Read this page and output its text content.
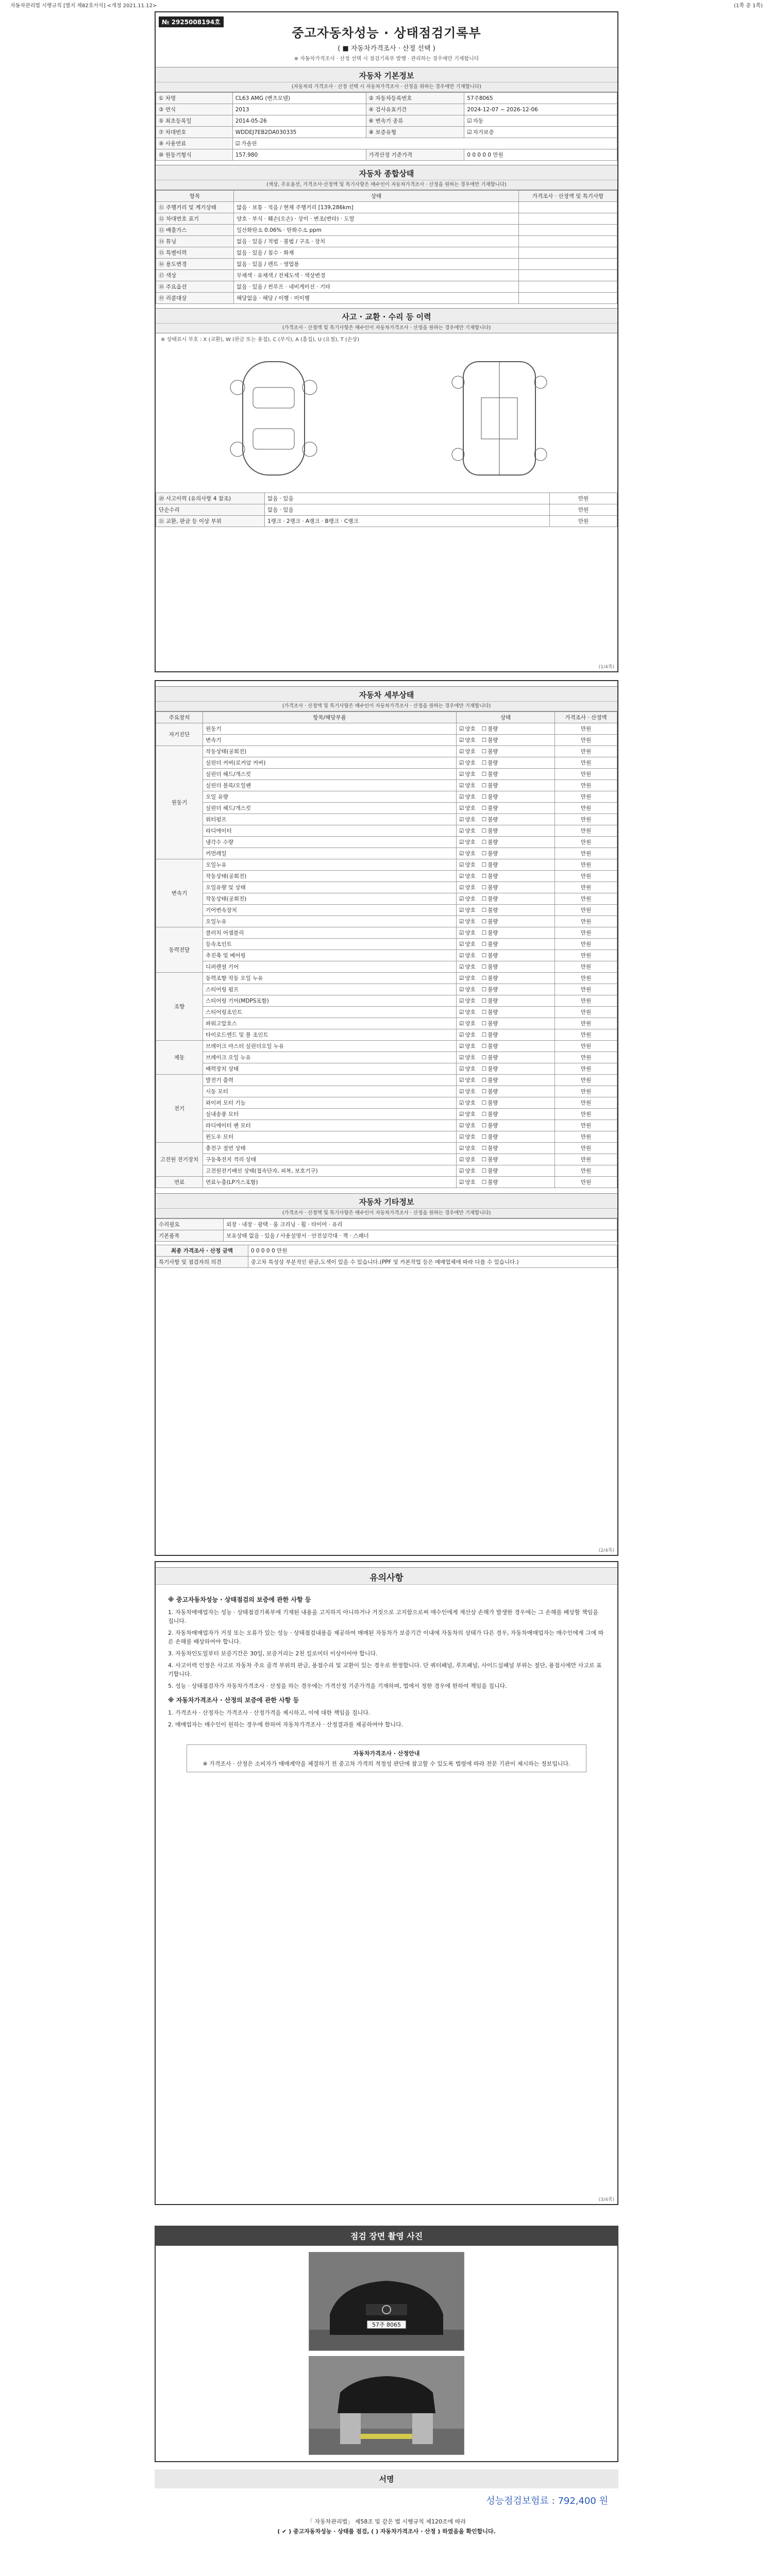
자동차관리법 시행규칙 [별지 제82호서식] <개정 2021.11.12>	(1쪽 중 1쪽)
№ 2925008194호
중고자동차성능 · 상태점검기록부
( ■ 자동차가격조사 · 산정 선택 )
※ 자동차가격조사 · 산정 선택 시 점검기록부 발행 · 관리하는 경우에만 기재합니다
자동차 기본정보
(자동차의 가격조사 · 산정 선택 시 자동차가격조사 · 산정을 위하는 경우에만 기재합니다)
① 차명	CL63 AMG (벤츠모델)	② 자동차등록번호	57주8065
③ 연식	2013	④ 검사유효기간	2024-12-07 ~ 2026-12-06
⑤ 최초등록일	2014-05-26	⑥ 변속기 종류	☑ 자동
⑦ 차대번호	WDDEJ7EB2DA030335	⑧ 보증유형	☑ 자가보증
⑨ 사용연료	☑ 가솔린
⑩ 원동기형식	157.980	가격산정 기준가격	0 0 0 0 0 만원
자동차 종합상태
(색상, 주요옵션, 가격조사·산정액 및 특기사항은 매수인이 자동차가격조사 · 산정을 원하는 경우에만 기재합니다)
항목	상태	가격조사 · 산정액 및 특기사항
⑪ 주행거리 및 계기상태	많음 · 보통 · 적음 / 현재 주행거리 [139,286km]	
⑫ 차대번호 표기	양호 · 부식 · 훼손(오손) · 상이 · 변조(변타) · 도말	
⑬ 배출가스	일산화탄소 0.06% · 탄화수소 ppm	
⑭ 튜닝	없음 · 있음 / 적법 · 불법 / 구조 · 장치	
⑮ 특별이력	없음 · 있음 / 침수 · 화재	
⑯ 용도변경	없음 · 있음 / 렌트 · 영업용	
⑰ 색상	무채색 · 유채색 / 전체도색 · 색상변경	
⑱ 주요옵션	없음 · 있음 / 썬루프 · 네비게이션 · 기타	
⑲ 리콜대상	해당없음 · 해당 / 이행 · 미이행	
사고 · 교환 · 수리 등 이력
(가격조사 · 산정액 및 특기사항은 매수인이 자동차가격조사 · 산정을 원하는 경우에만 기재합니다)
※ 상태표시 부호 : X (교환), W (판금 또는 용접), C (부식), A (흠집), U (요철), T (손상)
⑳ 사고이력 (유의사항 4 참조)	없음 · 있음	만원
단순수리	없음 · 있음	만원
㉑ 교환, 판금 등 이상 부위	1랭크 · 2랭크 · A랭크 · B랭크 · C랭크	만원
(1/4쪽)
자동차 세부상태
(가격조사 · 산정액 및 특기사항은 매수인이 자동차가격조사 · 산정을 원하는 경우에만 기재합니다)
주요장치	항목/해당부품	상태	가격조사 · 산정액
자기진단	원동기	☑ 양호 ☐ 불량	만원
	변속기	☑ 양호 ☐ 불량	만원
원동기	작동상태(공회전)	☑ 양호 ☐ 불량	만원
	실린더 커버(로커암 커버)	☑ 양호 ☐ 불량	만원
	실린더 헤드/개스킷	☑ 양호 ☐ 불량	만원
	실린더 블록/오일팬	☑ 양호 ☐ 불량	만원
	오일 유량	☑ 양호 ☐ 불량	만원
	실린더 헤드/개스킷	☑ 양호 ☐ 불량	만원
	워터펌프	☑ 양호 ☐ 불량	만원
	라디에이터	☑ 양호 ☐ 불량	만원
	냉각수 수량	☑ 양호 ☐ 불량	만원
	커먼레일	☑ 양호 ☐ 불량	만원
변속기	오일누유	☑ 양호 ☐ 불량	만원
	작동상태(공회전)	☑ 양호 ☐ 불량	만원
	오일유량 및 상태	☑ 양호 ☐ 불량	만원
	작동상태(공회전)	☑ 양호 ☐ 불량	만원
	기어변속장치	☑ 양호 ☐ 불량	만원
	오일누유	☑ 양호 ☐ 불량	만원
동력전달	클러치 어셈블리	☑ 양호 ☐ 불량	만원
	등속조인트	☑ 양호 ☐ 불량	만원
	추진축 및 베어링	☑ 양호 ☐ 불량	만원
	디퍼렌셜 기어	☑ 양호 ☐ 불량	만원
조향	동력조향 작동 오일 누유	☑ 양호 ☐ 불량	만원
	스티어링 펌프	☑ 양호 ☐ 불량	만원
	스티어링 기어(MDPS포함)	☑ 양호 ☐ 불량	만원
	스티어링조인트	☑ 양호 ☐ 불량	만원
	파워고압호스	☑ 양호 ☐ 불량	만원
	타이로드엔드 및 볼 조인트	☑ 양호 ☐ 불량	만원
제동	브레이크 마스터 실린더오일 누유	☑ 양호 ☐ 불량	만원
	브레이크 오일 누유	☑ 양호 ☐ 불량	만원
	배력장치 상태	☑ 양호 ☐ 불량	만원
전기	발전기 출력	☑ 양호 ☐ 불량	만원
	시동 모터	☑ 양호 ☐ 불량	만원
	와이퍼 모터 기능	☑ 양호 ☐ 불량	만원
	실내송풍 모터	☑ 양호 ☐ 불량	만원
	라디에이터 팬 모터	☑ 양호 ☐ 불량	만원
	윈도우 모터	☑ 양호 ☐ 불량	만원
고전원 전기장치	충전구 절연 상태	☑ 양호 ☐ 불량	만원
	구동축전지 격리 상태	☑ 양호 ☐ 불량	만원
	고전원전기배선 상태(접속단자, 피복, 보호기구)	☑ 양호 ☐ 불량	만원
연료	연료누출(LP가스포함)	☑ 양호 ☐ 불량	만원
자동차 기타정보
(가격조사 · 산정액 및 특기사항은 매수인이 자동차가격조사 · 산정을 원하는 경우에만 기재합니다)
수리필요	외장 · 내장 · 광택 · 룸 크리닝 · 휠 · 타이어 · 유리
기본품목	보유상태 없음 · 있음 / 사용설명서 · 안전삼각대 · 잭 · 스패너
최종 가격조사 · 산정 금액	0 0 0 0 0 만원
특기사항 및 점검자의 의견	중고차 특성상 부분적인 판금,도색이 있을 수 있습니다.(PPF 및 카본작업 등은 매매업체에 따라 다를 수 있습니다.)
(2/4쪽)
유의사항
※ 중고자동차성능 · 상태점검의 보증에 관한 사항 등

1. 자동차매매업자는 성능 · 상태점검기록부에 기재된 내용을 고지하지 아니하거나 거짓으로 고지함으로써 매수인에게 재산상 손해가 발생한 경우에는 그 손해를 배상할 책임을 집니다.

2. 자동차매매업자가 거짓 또는 오류가 있는 성능 · 상태점검내용을 제공하여 매매된 자동차가 보증기간 이내에 자동차의 상태가 다른 경우, 자동차매매업자는 매수인에게 그에 따른 손해를 배상하여야 합니다.

3. 자동차인도일부터 보증기간은 30일, 보증거리는 2천 킬로미터 이상이어야 합니다.

4. 사고이력 인정은 사고로 자동차 주요 골격 부위의 판금, 용접수리 및 교환이 있는 경우로 한정합니다. 단 쿼터패널, 루프패널, 사이드실패널 부위는 절단, 용접시에만 사고로 표기합니다.

5. 성능 · 상태점검자가 자동차가격조사 · 산정을 하는 경우에는 가격산정 기준가격을 기재하며, 법에서 정한 경우에 한하여 책임을 집니다.

※ 자동차가격조사 · 산정의 보증에 관한 사항 등

1. 가격조사 · 산정자는 가격조사 · 산정가격을 제시하고, 이에 대한 책임을 집니다.

2. 매매업자는 매수인이 원하는 경우에 한하여 자동차가격조사 · 산정결과를 제공하여야 합니다.

자동차가격조사 · 산정안내
※ 가격조사 · 산정은 소비자가 매매계약을 체결하기 전 중고차 가격의 적정성 판단에 참고할 수 있도록 법령에 따라 전문 기관이 제시하는 정보입니다.
(3/4쪽)
점검 장면 촬영 사진
57주 8065
서명
성능점검보험료 : 792,400 원
「 자동차관리법」 제58조 및 같은 법 시행규칙 제120조에 따라
( ✔ ) 중고자동차성능 · 상태를 점검, ( ) 자동차가격조사 · 산정 ) 하였음을 확인합니다.
